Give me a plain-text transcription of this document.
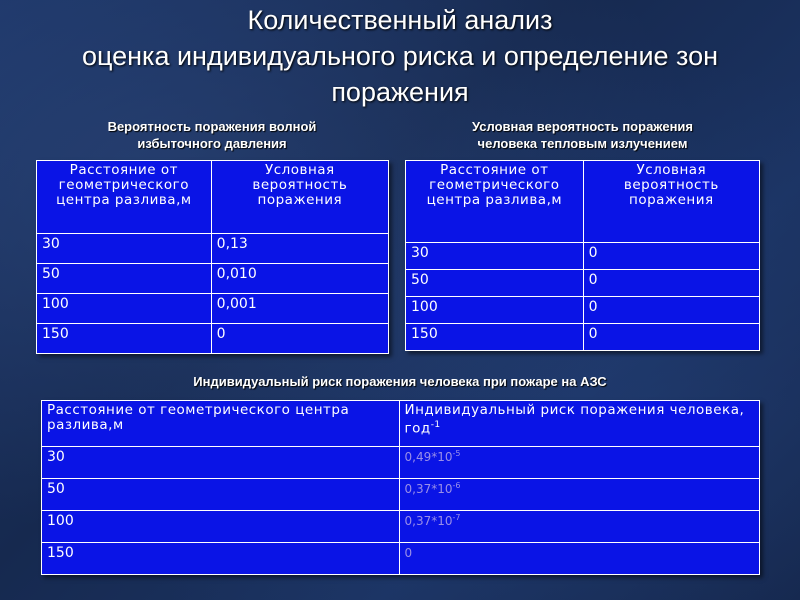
Количественный анализ
оценка индивидуального риска и определение зон
поражения
Вероятность поражения волной
избыточного давления
Расстояние от геометрического центра разлива,м	Условная вероятность поражения
30	0,13
50	0,010
100	0,001
150	0
Условная вероятность поражения
человека тепловым излучением
Расстояние от геометрического центра разлива,м	Условная вероятность поражения
30	0
50	0
100	0
150	0
Индивидуальный риск поражения человека при пожаре на АЗС
Расстояние от геометрического центра разлива,м	Индивидуальный риск поражения человека, год$^{-1}$
30	$0,49*10^{-5}$
50	$0,37*10^{-6}$
100	$0,37*10^{-7}$
150	0
